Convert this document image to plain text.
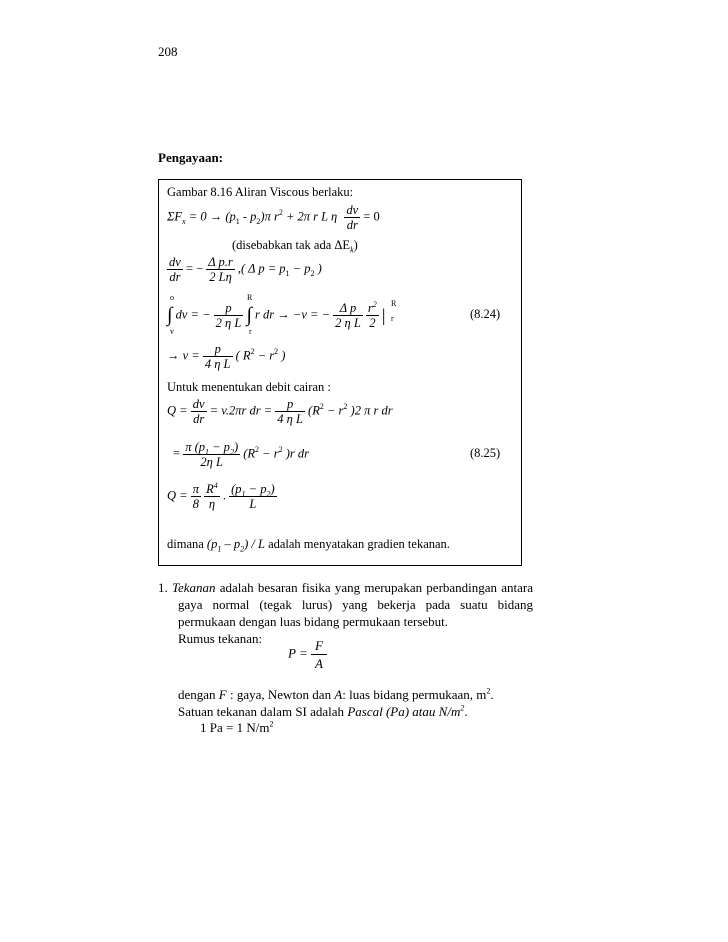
208
Pengayaan:
Gambar 8.16 Aliran Viscous berlaku:
$\Sigma F_x = 0 \to (p_1 - p_2)\pi$ $r^2 + 2\pi$ r L η $\frac{dv}{dr} = 0$
(disebabkan tak ada $\Delta E_k$)
$\frac{dv}{dr}$ = − $\frac{\text{Δ p.r}}{2 L\eta}$ ,( Δ $p = p_1 - p_2$ )
o
v
R
r
∫ dv = − $\frac{p}{\text{2 η L}}$ ∫ r dr → −v = − $\frac{\text{Δ p}}{\text{2 η L}}$
$\frac{r^2}{2}$ |
R
r	(8.24)
→ $v = \frac{p}{\text{4 η L}}$ ( $R^2 - r^2$ )
Untuk menentukan debit cairan :
$Q = \frac{dv}{dr} = v.2\pi r$ dr = $\frac{p}{\text{4 η L}} (R^2 - r^2$ )2 π r dr
= $\frac{\pi (p_1 - p_2)}{\text{2η L}} (R^2 - r^2$ )r dr	(8.25)
$Q = \frac{\pi}{8}$
$\frac{R^4}{\eta}$ . $\frac{(p_1 - p_2)}{L}$
dimana $(p_1 - p_2)$ / L adalah menyatakan gradien tekanan.
1. Tekanan adalah besaran fisika yang merupakan perbandingan antara
gaya normal (tegak lurus) yang bekerja pada suatu bidang
permukaan dengan luas bidang permukaan tersebut.
Rumus tekanan:
$P = \frac{F}{A}$
dengan F : gaya, Newton dan A: luas bidang permukaan, $m^2$.
Satuan tekanan dalam SI adalah Pascal (Pa) atau $N/m^2$.
1 Pa = 1 $N/m^2$
